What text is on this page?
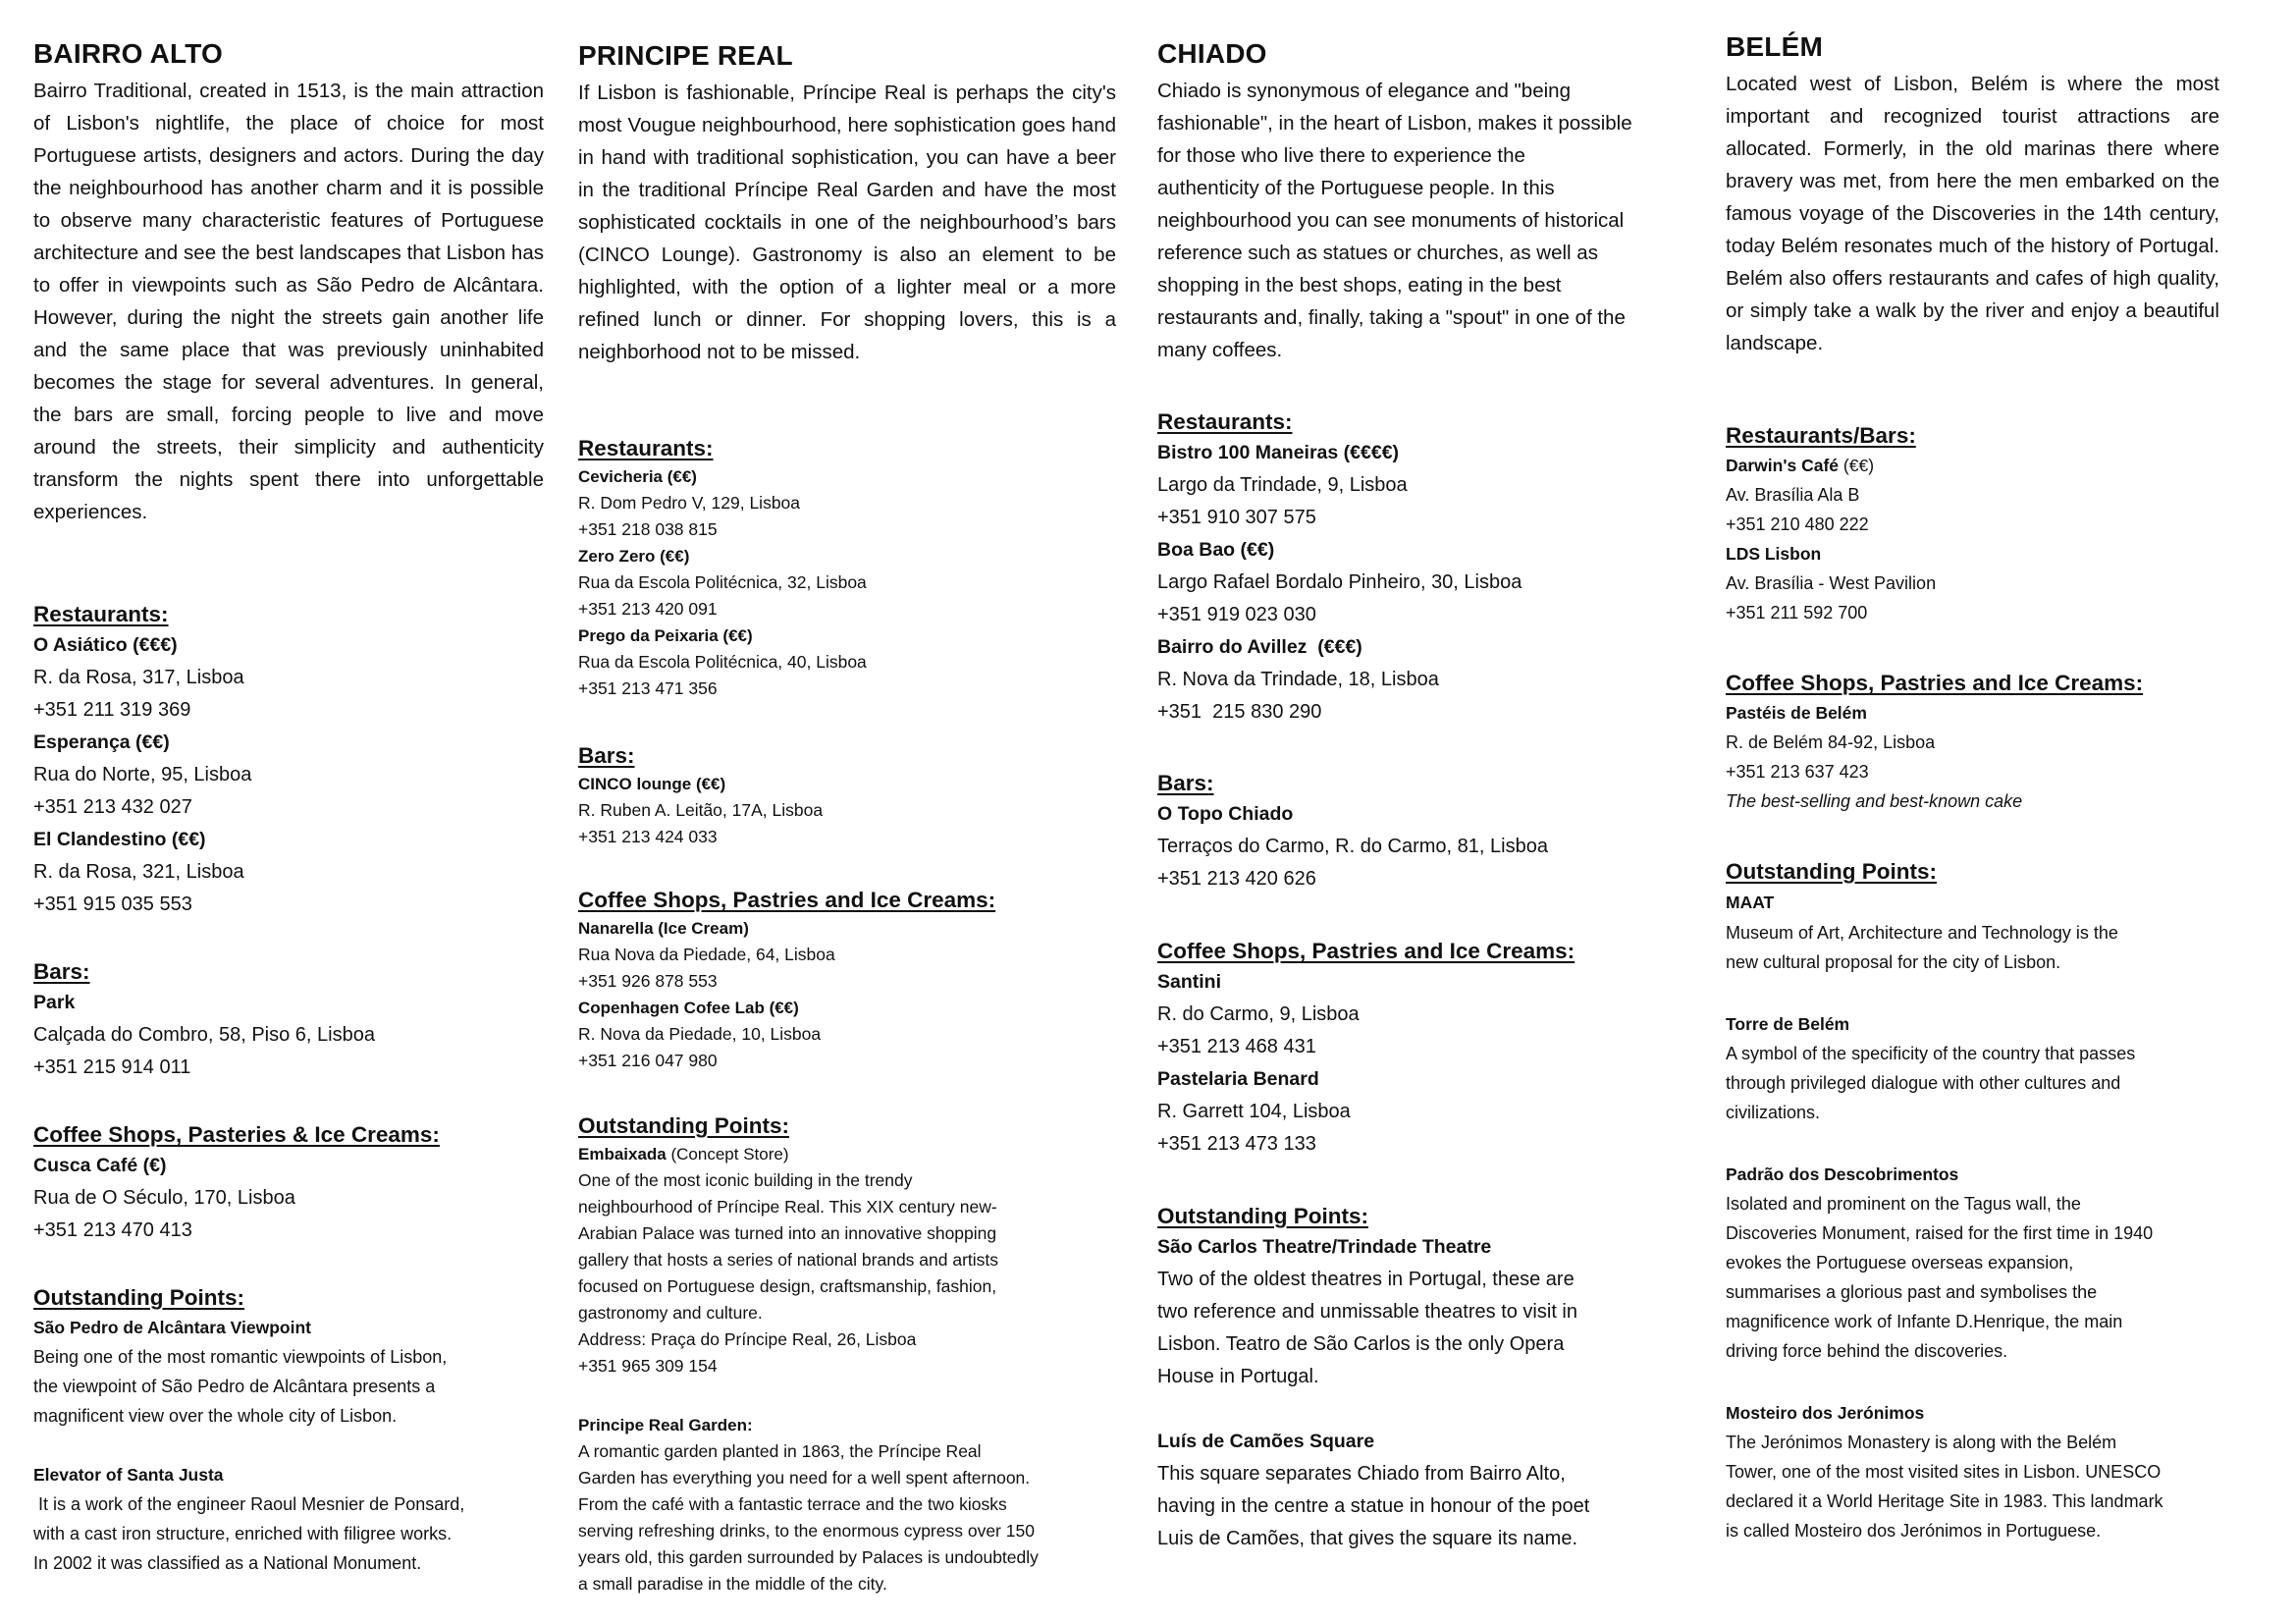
BAIRRO ALTO
Bairro Traditional, created in 1513, is the main attraction of Lisbon's nightlife, the place of choice for most Portuguese artists, designers and actors. During the day the neighbourhood has another charm and it is possible to observe many characteristic features of Portuguese architecture and see the best landscapes that Lisbon has to offer in viewpoints such as São Pedro de Alcântara. However, during the night the streets gain another life and the same place that was previously uninhabited becomes the stage for several adventures. In general, the bars are small, forcing people to live and move around the streets, their simplicity and authenticity transform the nights spent there into unforgettable experiences.
Restaurants:
O Asiático (€€€)
R. da Rosa, 317, Lisboa
+351 211 319 369
Esperança (€€)
Rua do Norte, 95, Lisboa
+351 213 432 027
El Clandestino (€€)
R. da Rosa, 321, Lisboa
+351 915 035 553
Bars:
Park
Calçada do Combro, 58, Piso 6, Lisboa
+351 215 914 011
Coffee Shops, Pasteries & Ice Creams:
Cusca Café (€)
Rua de O Século, 170, Lisboa
+351 213 470 413
Outstanding Points:
São Pedro de Alcântara Viewpoint
Being one of the most romantic viewpoints of Lisbon,
the viewpoint of São Pedro de Alcântara presents a
magnificent view over the whole city of Lisbon.
Elevator of Santa Justa
It is a work of the engineer Raoul Mesnier de Ponsard,
with a cast iron structure, enriched with filigree works.
In 2002 it was classified as a National Monument.
PRINCIPE REAL
If Lisbon is fashionable, Príncipe Real is perhaps the city's most Vougue neighbourhood, here sophistication goes hand in hand with traditional sophistication, you can have a beer in the traditional Príncipe Real Garden and have the most sophisticated cocktails in one of the neighbourhood’s bars (CINCO Lounge). Gastronomy is also an element to be highlighted, with the option of a lighter meal or a more refined lunch or dinner. For shopping lovers, this is a neighborhood not to be missed.
Restaurants:
Cevicheria (€€)
R. Dom Pedro V, 129, Lisboa
+351 218 038 815
Zero Zero (€€)
Rua da Escola Politécnica, 32, Lisboa
+351 213 420 091
Prego da Peixaria (€€)
Rua da Escola Politécnica, 40, Lisboa
+351 213 471 356
Bars:
CINCO lounge (€€)
R. Ruben A. Leitão, 17A, Lisboa
+351 213 424 033
Coffee Shops, Pastries and Ice Creams:
Nanarella (Ice Cream)
Rua Nova da Piedade, 64, Lisboa
+351 926 878 553
Copenhagen Cofee Lab (€€)
R. Nova da Piedade, 10, Lisboa
+351 216 047 980
Outstanding Points:
Embaixada (Concept Store)
One of the most iconic building in the trendy
neighbourhood of Príncipe Real. This XIX century new-
Arabian Palace was turned into an innovative shopping
gallery that hosts a series of national brands and artists
focused on Portuguese design, craftsmanship, fashion,
gastronomy and culture.
Address: Praça do Príncipe Real, 26, Lisboa
+351 965 309 154
Principe Real Garden:
A romantic garden planted in 1863, the Príncipe Real
Garden has everything you need for a well spent afternoon.
From the café with a fantastic terrace and the two kiosks
serving refreshing drinks, to the enormous cypress over 150
years old, this garden surrounded by Palaces is undoubtedly
a small paradise in the middle of the city.
CHIADO
Chiado is synonymous of elegance and "being
fashionable", in the heart of Lisbon, makes it possible
for those who live there to experience the
authenticity of the Portuguese people. In this
neighbourhood you can see monuments of historical
reference such as statues or churches, as well as
shopping in the best shops, eating in the best
restaurants and, finally, taking a "spout" in one of the
many coffees.
Restaurants:
Bistro 100 Maneiras (€€€€)
Largo da Trindade, 9, Lisboa
+351 910 307 575
Boa Bao (€€)
Largo Rafael Bordalo Pinheiro, 30, Lisboa
+351 919 023 030
Bairro do Avillez  (€€€)
R. Nova da Trindade, 18, Lisboa
+351  215 830 290
Bars:
O Topo Chiado
Terraços do Carmo, R. do Carmo, 81, Lisboa
+351 213 420 626
Coffee Shops, Pastries and Ice Creams:
Santini
R. do Carmo, 9, Lisboa
+351 213 468 431
Pastelaria Benard
R. Garrett 104, Lisboa
+351 213 473 133
Outstanding Points:
São Carlos Theatre/Trindade Theatre
Two of the oldest theatres in Portugal, these are
two reference and unmissable theatres to visit in
Lisbon. Teatro de São Carlos is the only Opera
House in Portugal.
Luís de Camões Square
This square separates Chiado from Bairro Alto,
having in the centre a statue in honour of the poet
Luis de Camões, that gives the square its name.
BELÉM
Located west of Lisbon, Belém is where the most important and recognized tourist attractions are allocated. Formerly, in the old marinas there where bravery was met, from here the men embarked on the famous voyage of the Discoveries in the 14th century, today Belém resonates much of the history of Portugal. Belém also offers restaurants and cafes of high quality, or simply take a walk by the river and enjoy a beautiful landscape.
Restaurants/Bars:
Darwin's Café (€€)
Av. Brasília Ala B
+351 210 480 222
LDS Lisbon
Av. Brasília - West Pavilion
+351 211 592 700
Coffee Shops, Pastries and Ice Creams:
Pastéis de Belém
R. de Belém 84-92, Lisboa
+351 213 637 423
The best-selling and best-known cake
Outstanding Points:
MAAT
Museum of Art, Architecture and Technology is the
new cultural proposal for the city of Lisbon.
Torre de Belém
A symbol of the specificity of the country that passes
through privileged dialogue with other cultures and
civilizations.
Padrão dos Descobrimentos
Isolated and prominent on the Tagus wall, the
Discoveries Monument, raised for the first time in 1940
evokes the Portuguese overseas expansion,
summarises a glorious past and symbolises the
magnificence work of Infante D.Henrique, the main
driving force behind the discoveries.
Mosteiro dos Jerónimos
The Jerónimos Monastery is along with the Belém
Tower, one of the most visited sites in Lisbon. UNESCO
declared it a World Heritage Site in 1983. This landmark
is called Mosteiro dos Jerónimos in Portuguese.
